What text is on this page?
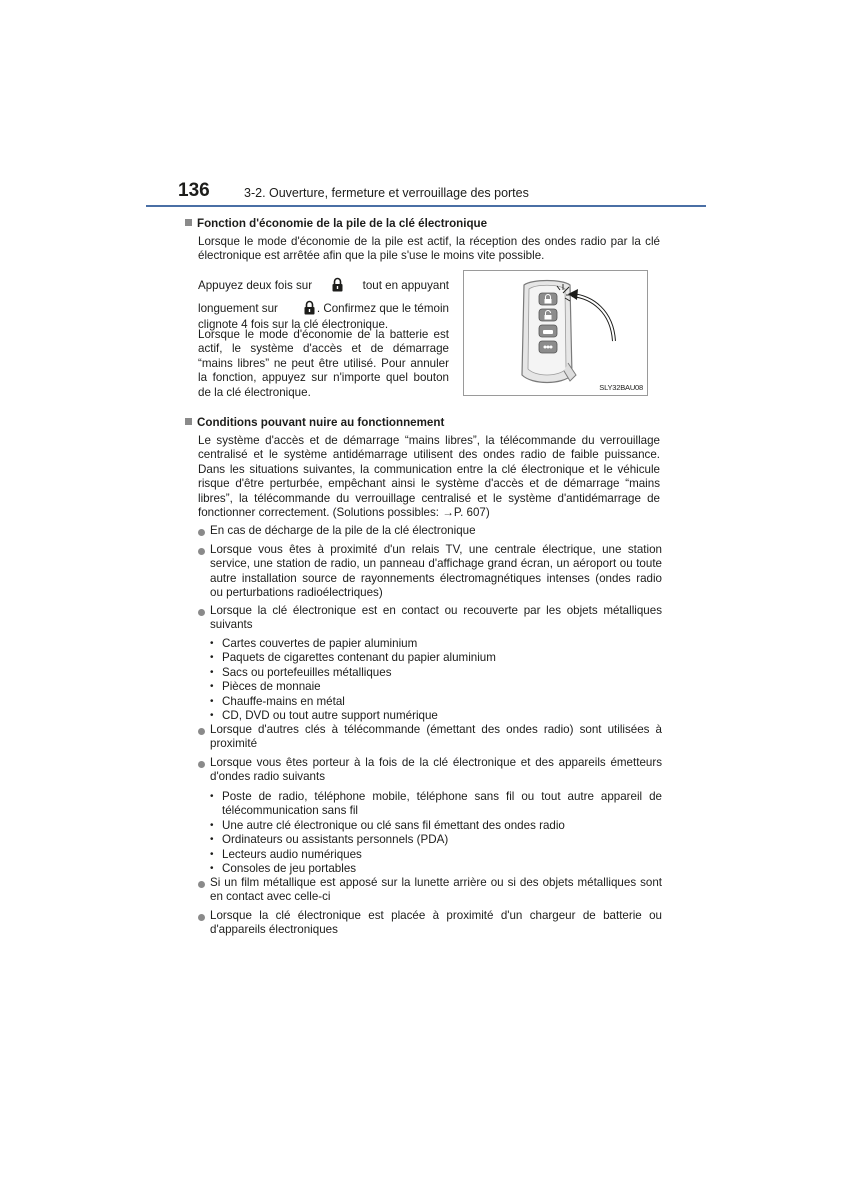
136	3-2. Ouverture, fermeture et verrouillage des portes
Fonction d'économie de la pile de la clé électronique
Lorsque le mode d'économie de la pile est actif, la réception des ondes radio par la clé
électronique est arrêtée afin que la pile s'use le moins vite possible.
Appuyez deux fois sur	tout en appuyant
longuement sur	. Confirmez que le témoin
clignote 4 fois sur la clé électronique.
Lorsque le mode d'économie de la batterie est
actif, le système d'accès et de démarrage
“mains libres” ne peut être utilisé. Pour annuler
la fonction, appuyez sur n'importe quel bouton
de la clé électronique.	SLY32BAU08
Conditions pouvant nuire au fonctionnement
Le système d'accès et de démarrage “mains libres”, la télécommande du verrouillage
centralisé et le système antidémarrage utilisent des ondes radio de faible puissance.
Dans les situations suivantes, la communication entre la clé électronique et le véhicule
risque d'être perturbée, empêchant ainsi le système d'accès et de démarrage “mains
libres”, la télécommande du verrouillage centralisé et le système d'antidémarrage de
fonctionner correctement. (Solutions possibles: →P. 607)
En cas de décharge de la pile de la clé électronique
Lorsque vous êtes à proximité d'un relais TV, une centrale électrique, une station
service, une station de radio, un panneau d'affichage grand écran, un aéroport ou toute
autre installation source de rayonnements électromagnétiques intenses (ondes radio
ou perturbations radioélectriques)
Lorsque la clé électronique est en contact ou recouverte par les objets métalliques
suivants
• Cartes couvertes de papier aluminium
• Paquets de cigarettes contenant du papier aluminium
• Sacs ou portefeuilles métalliques
• Pièces de monnaie
• Chauffe-mains en métal
• CD, DVD ou tout autre support numérique
Lorsque d'autres clés à télécommande (émettant des ondes radio) sont utilisées à
proximité
Lorsque vous êtes porteur à la fois de la clé électronique et des appareils émetteurs
d'ondes radio suivants
• Poste de radio, téléphone mobile, téléphone sans fil ou tout autre appareil de
télécommunication sans fil
• Une autre clé électronique ou clé sans fil émettant des ondes radio
• Ordinateurs ou assistants personnels (PDA)
• Lecteurs audio numériques
• Consoles de jeu portables
Si un film métallique est apposé sur la lunette arrière ou si des objets métalliques sont
en contact avec celle-ci
Lorsque la clé électronique est placée à proximité d'un chargeur de batterie ou
d'appareils électroniques
